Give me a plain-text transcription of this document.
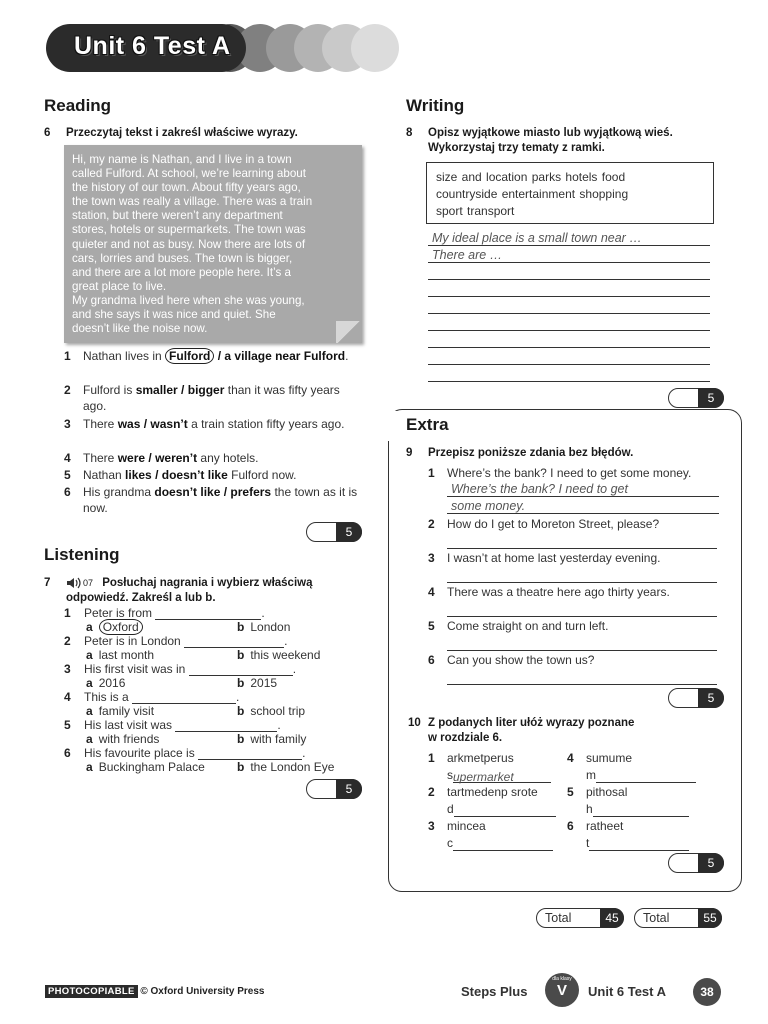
Unit 6 Test A
Reading
6 Przeczytaj tekst i zakreśl właściwe wyrazy.
Hi, my name is Nathan, and I live in a town
called Fulford. At school, we’re learning about
the history of our town. About fifty years ago,
the town was really a village. There was a train
station, but there weren’t any department
stores, hotels or supermarkets. The town was
quieter and not as busy. Now there are lots of
cars, lorries and buses. The town is bigger,
and there are a lot more people here. It’s a
great place to live.
My grandma lived here when she was young,
and she says it was nice and quiet. She
doesn’t like the noise now.
1 Nathan lives in Fulford / a village near Fulford.
2 Fulford is smaller / bigger than it was fifty years ago.
3 There was / wasn’t a train station fifty years ago.
4 There were / weren’t any hotels.
5 Nathan likes / doesn’t like Fulford now.
6 His grandma doesn’t like / prefers the town as it is now.
5
Listening
7	07 Posłuchaj nagrania i wybierz właściwą
odpowiedź. Zakreśl a lub b.
1 Peter is from	.
a Oxford	b London
2 Peter is in London	.
a last month	b this weekend
3 His first visit was in	.
a 2016	b 2015
4 This is a	.
a family visit	b school trip
5 His last visit was	.
a with friends	b with family
6 His favourite place is	.
a Buckingham Palace	b the London Eye
5
Writing
8 Opisz wyjątkowe miasto lub wyjątkową wieś.
Wykorzystaj trzy tematy z ramki.
size and location parks hotels food
countryside entertainment shopping
sport transport
My ideal place is a small town near …
There are …
5
Extra
9 Przepisz poniższe zdania bez błędów.
1 Where’s the bank? I need to get some money.
Where’s the bank? I need to get
some money.
2 How do I get to Moreton Street, please?
3 I wasn’t at home last yesterday evening.
4 There was a theatre here ago thirty years.
5 Come straight on and turn left.
6 Can you show the town us?
5
10 Z podanych liter ułóż wyrazy poznane
w rozdziale 6.
1 arkmetperus
supermarket
2 tartmedenp srote
d
3 mincea
c
4 sumume
m
5 pithosal
h
6 ratheet
t
5
Total	45	Total	55
PHOTOCOPIABLE © Oxford University Press	Steps Plus
dla klasy
V	Unit 6 Test A	38
